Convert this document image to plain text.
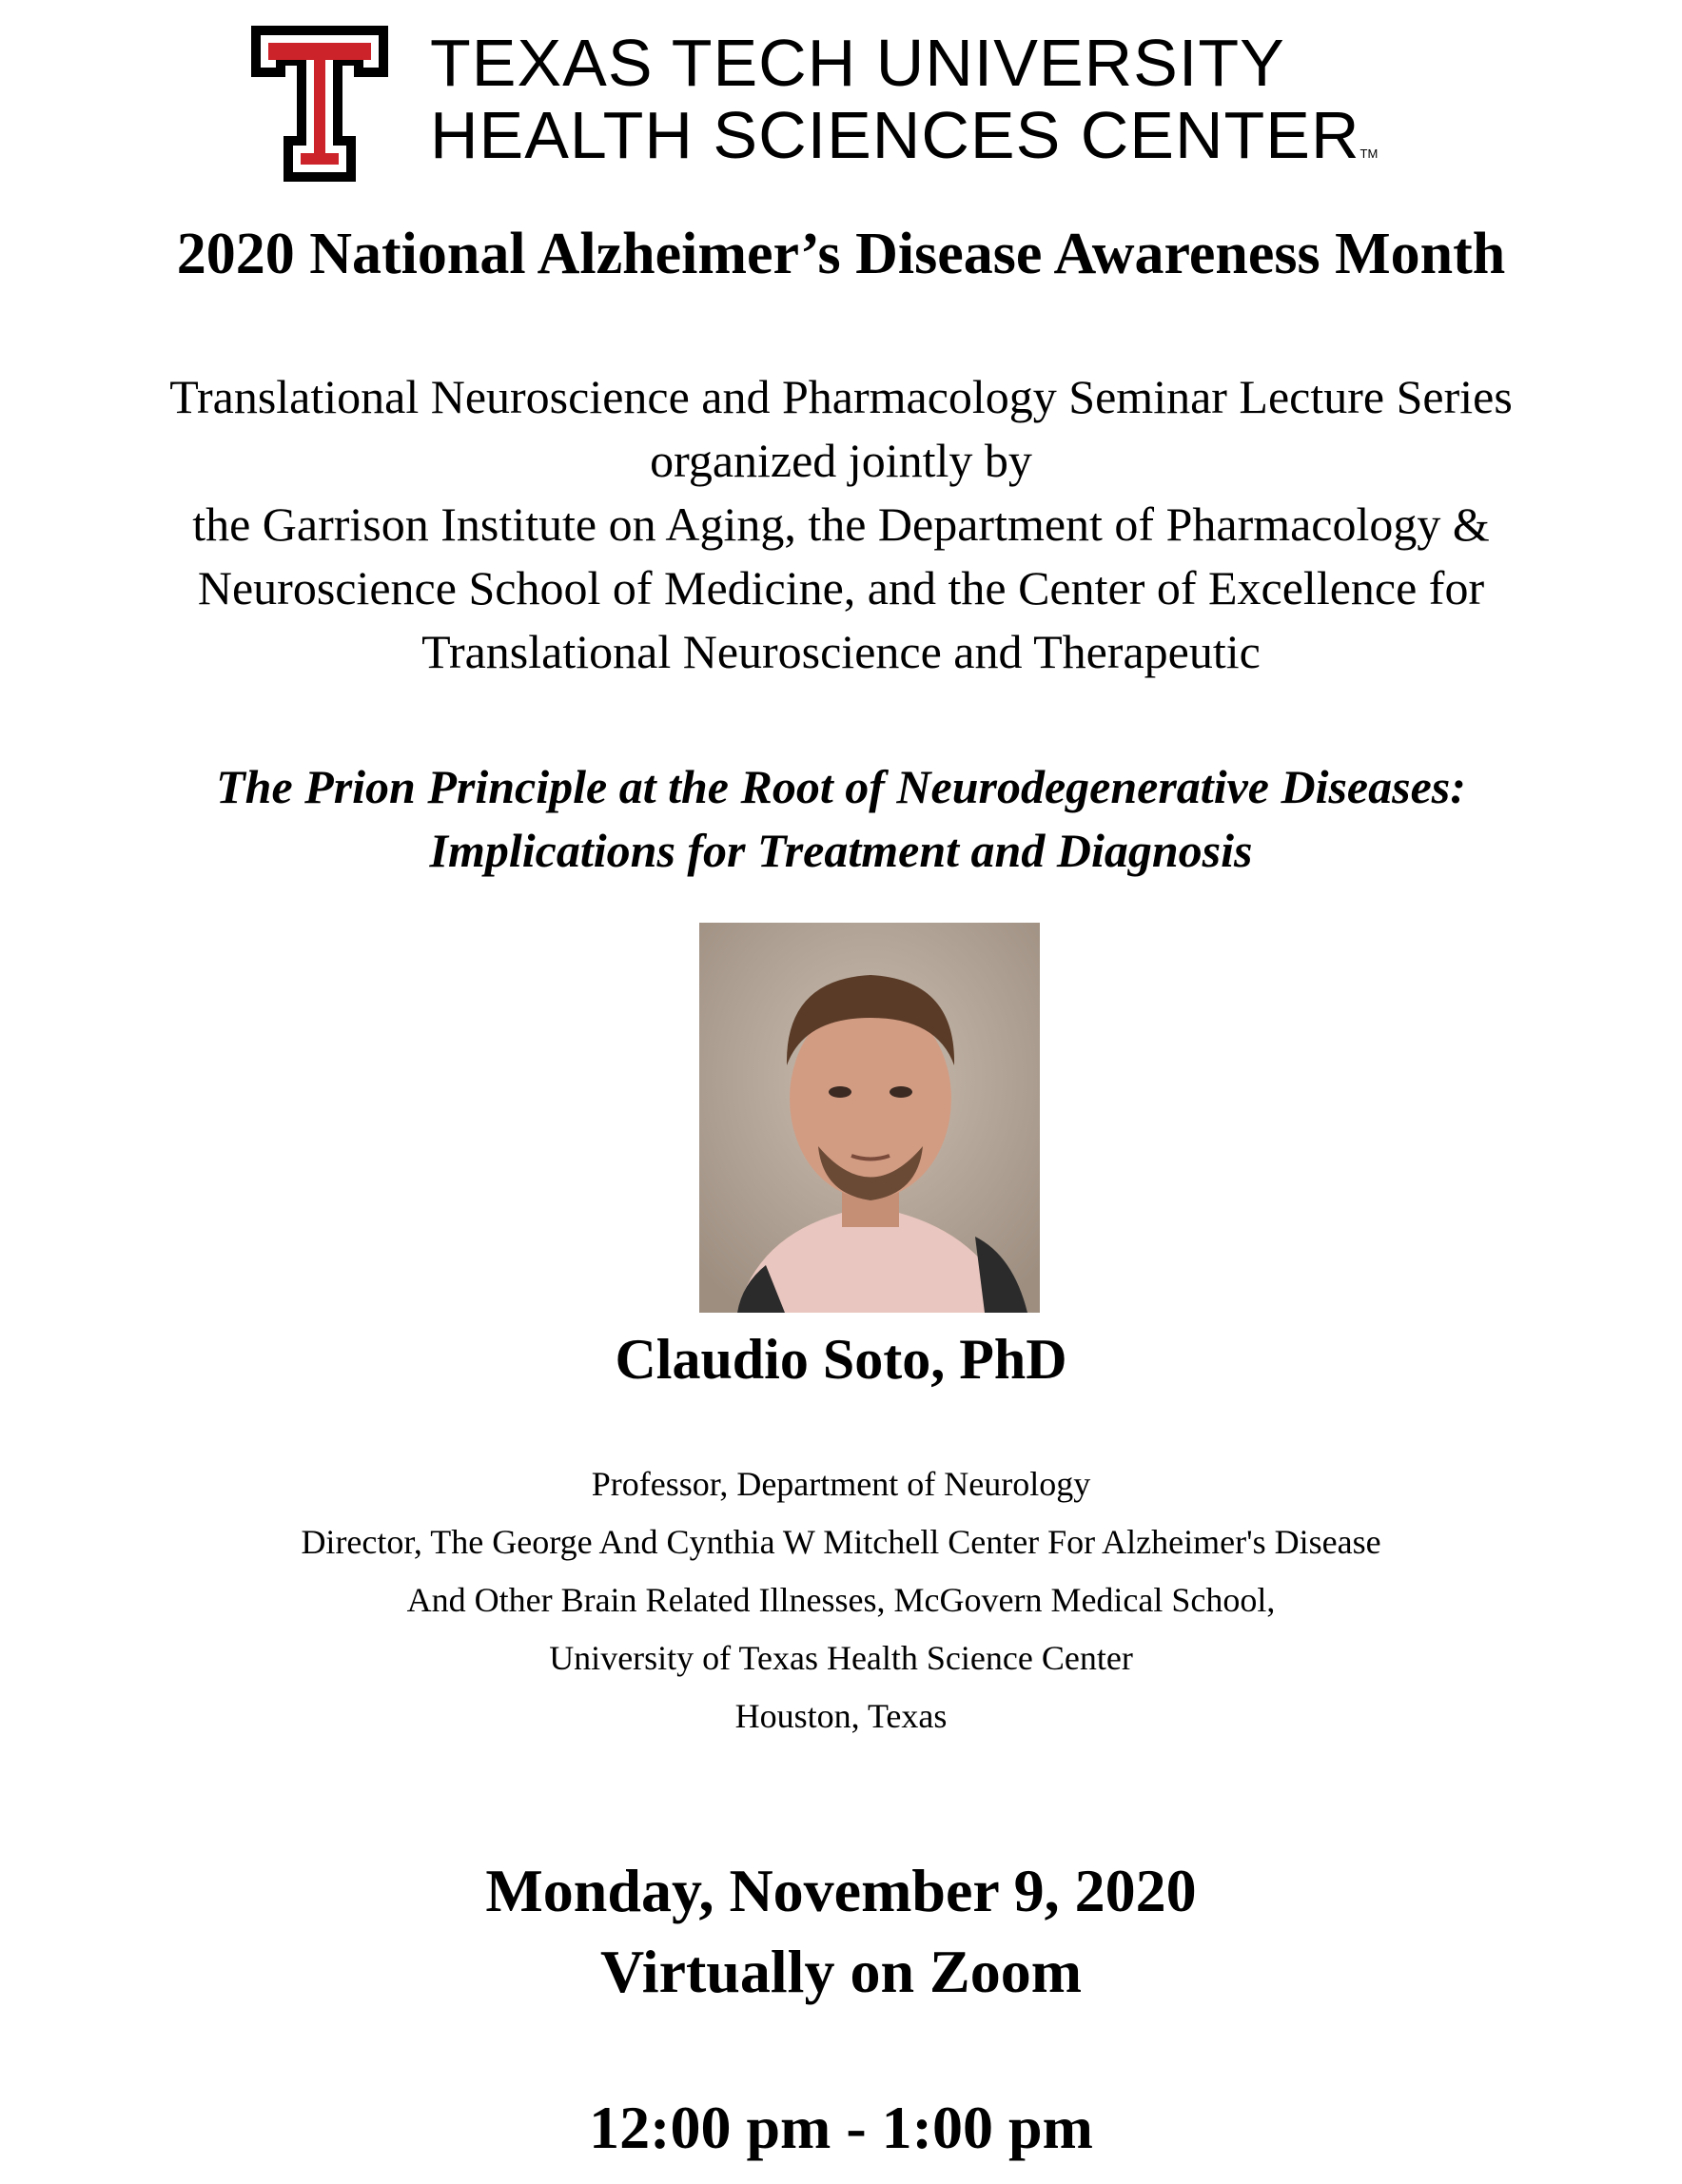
TEXAS TECH UNIVERSITY
HEALTH SCIENCES CENTERTM
2020 National Alzheimer’s Disease Awareness Month
Translational Neuroscience and Pharmacology Seminar Lecture Series
organized jointly by
the Garrison Institute on Aging, the Department of Pharmacology &
Neuroscience School of Medicine, and the Center of Excellence for
Translational Neuroscience and Therapeutic
The Prion Principle at the Root of Neurodegenerative Diseases:
Implications for Treatment and Diagnosis
Claudio Soto, PhD
Professor, Department of Neurology
Director, The George And Cynthia W Mitchell Center For Alzheimer's Disease
And Other Brain Related Illnesses, McGovern Medical School,
University of Texas Health Science Center
Houston, Texas
Monday, November 9, 2020
Virtually on Zoom
12:00 pm - 1:00 pm
